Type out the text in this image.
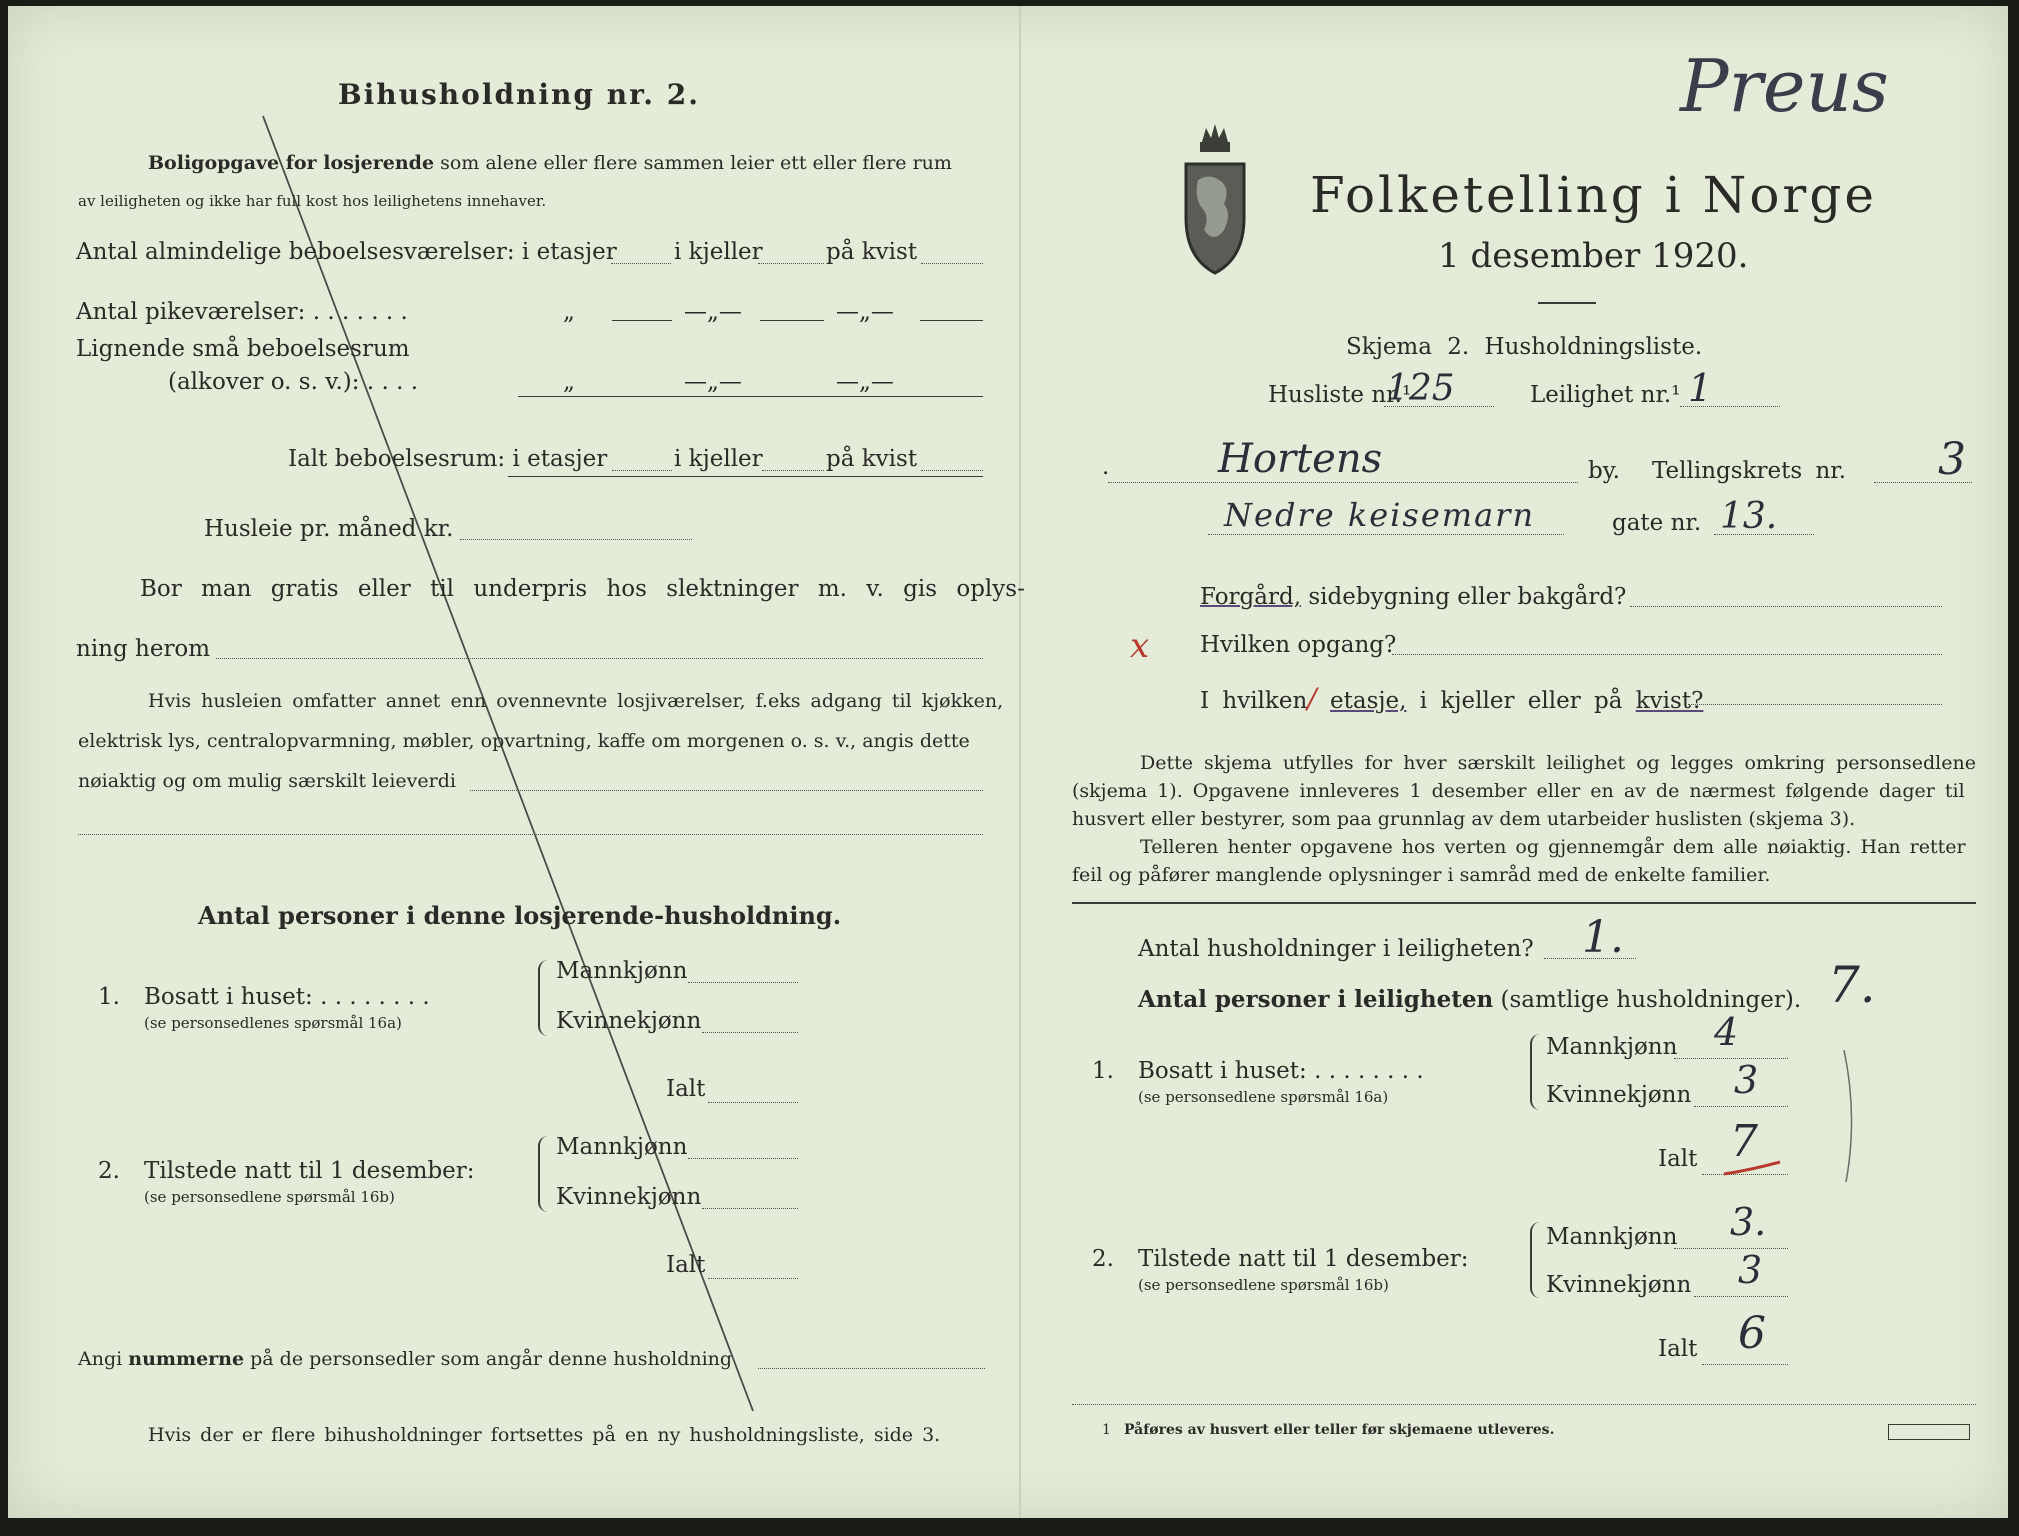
Bihusholdning nr. 2.
Boligopgave for losjerende som alene eller flere sammen leier ett eller flere rum
av leiligheten og ikke har full kost hos leilighetens innehaver.
Antal almindelige beboelsesværelser: i etasjer i kjeller	på kvist
Antal pikeværelser: . . . . . . .	„	—„—	—„—
Lignende små beboelsesrum
(alkover o. s. v.): . . . .	„	—„—	—„—
Ialt beboelsesrum: i etasjer	i kjeller	på kvist
Husleie pr. måned kr.
Bor man gratis eller til underpris hos slektninger m. v. gis oplys-
ning herom
Hvis husleien omfatter annet enn ovennevnte losjiværelser, f.eks adgang til kjøkken,
elektrisk lys, centralopvarmning, møbler, opvartning, kaffe om morgenen o. s. v., angis dette
nøiaktig og om mulig særskilt leieverdi
Antal personer i denne losjerende-husholdning.
1. Bosatt i huset: . . . . . . . .
(se personsedlenes spørsmål 16a)
Mannkjønn
Kvinnekjønn
Ialt
2. Tilstede natt til 1 desember:
(se personsedlene spørsmål 16b)
Mannkjønn
Kvinnekjønn
Ialt
Angi nummerne på de personsedler som angår denne husholdning
Hvis der er flere bihusholdninger fortsettes på en ny husholdningsliste, side 3.
Folketelling i Norge
1 desember 1920.
Preus
Skjema 2. Husholdningsliste.
Husliste nr.¹
125	Leilighet nr.¹ 1
.	Hortens	by. Tellingskrets nr. 3
Nedre keisemarn	gate nr. 13.
Forgård, sidebygning eller bakgård?
x Hvilken opgang?
I hvilken/ etasje, i kjeller eller på kvist?
Dette skjema utfylles for hver særskilt leilighet og legges omkring personsedlene
(skjema 1). Opgavene innleveres 1 desember eller en av de nærmest følgende dager til
husvert eller bestyrer, som paa grunnlag av dem utarbeider huslisten (skjema 3).
Telleren henter opgavene hos verten og gjennemgår dem alle nøiaktig. Han retter
feil og påfører manglende oplysninger i samråd med de enkelte familier.
Antal husholdninger i leiligheten? 1.
Antal personer i leiligheten (samtlige husholdninger). 7.
1. Bosatt i huset: . . . . . . . .
(se personsedlene spørsmål 16a)
Mannkjønn 4
Kvinnekjønn 3
Ialt 7
2. Tilstede natt til 1 desember:
(se personsedlene spørsmål 16b)
Mannkjønn 3.
Kvinnekjønn 3
Ialt 6
1 Påføres av husvert eller teller før skjemaene utleveres.
